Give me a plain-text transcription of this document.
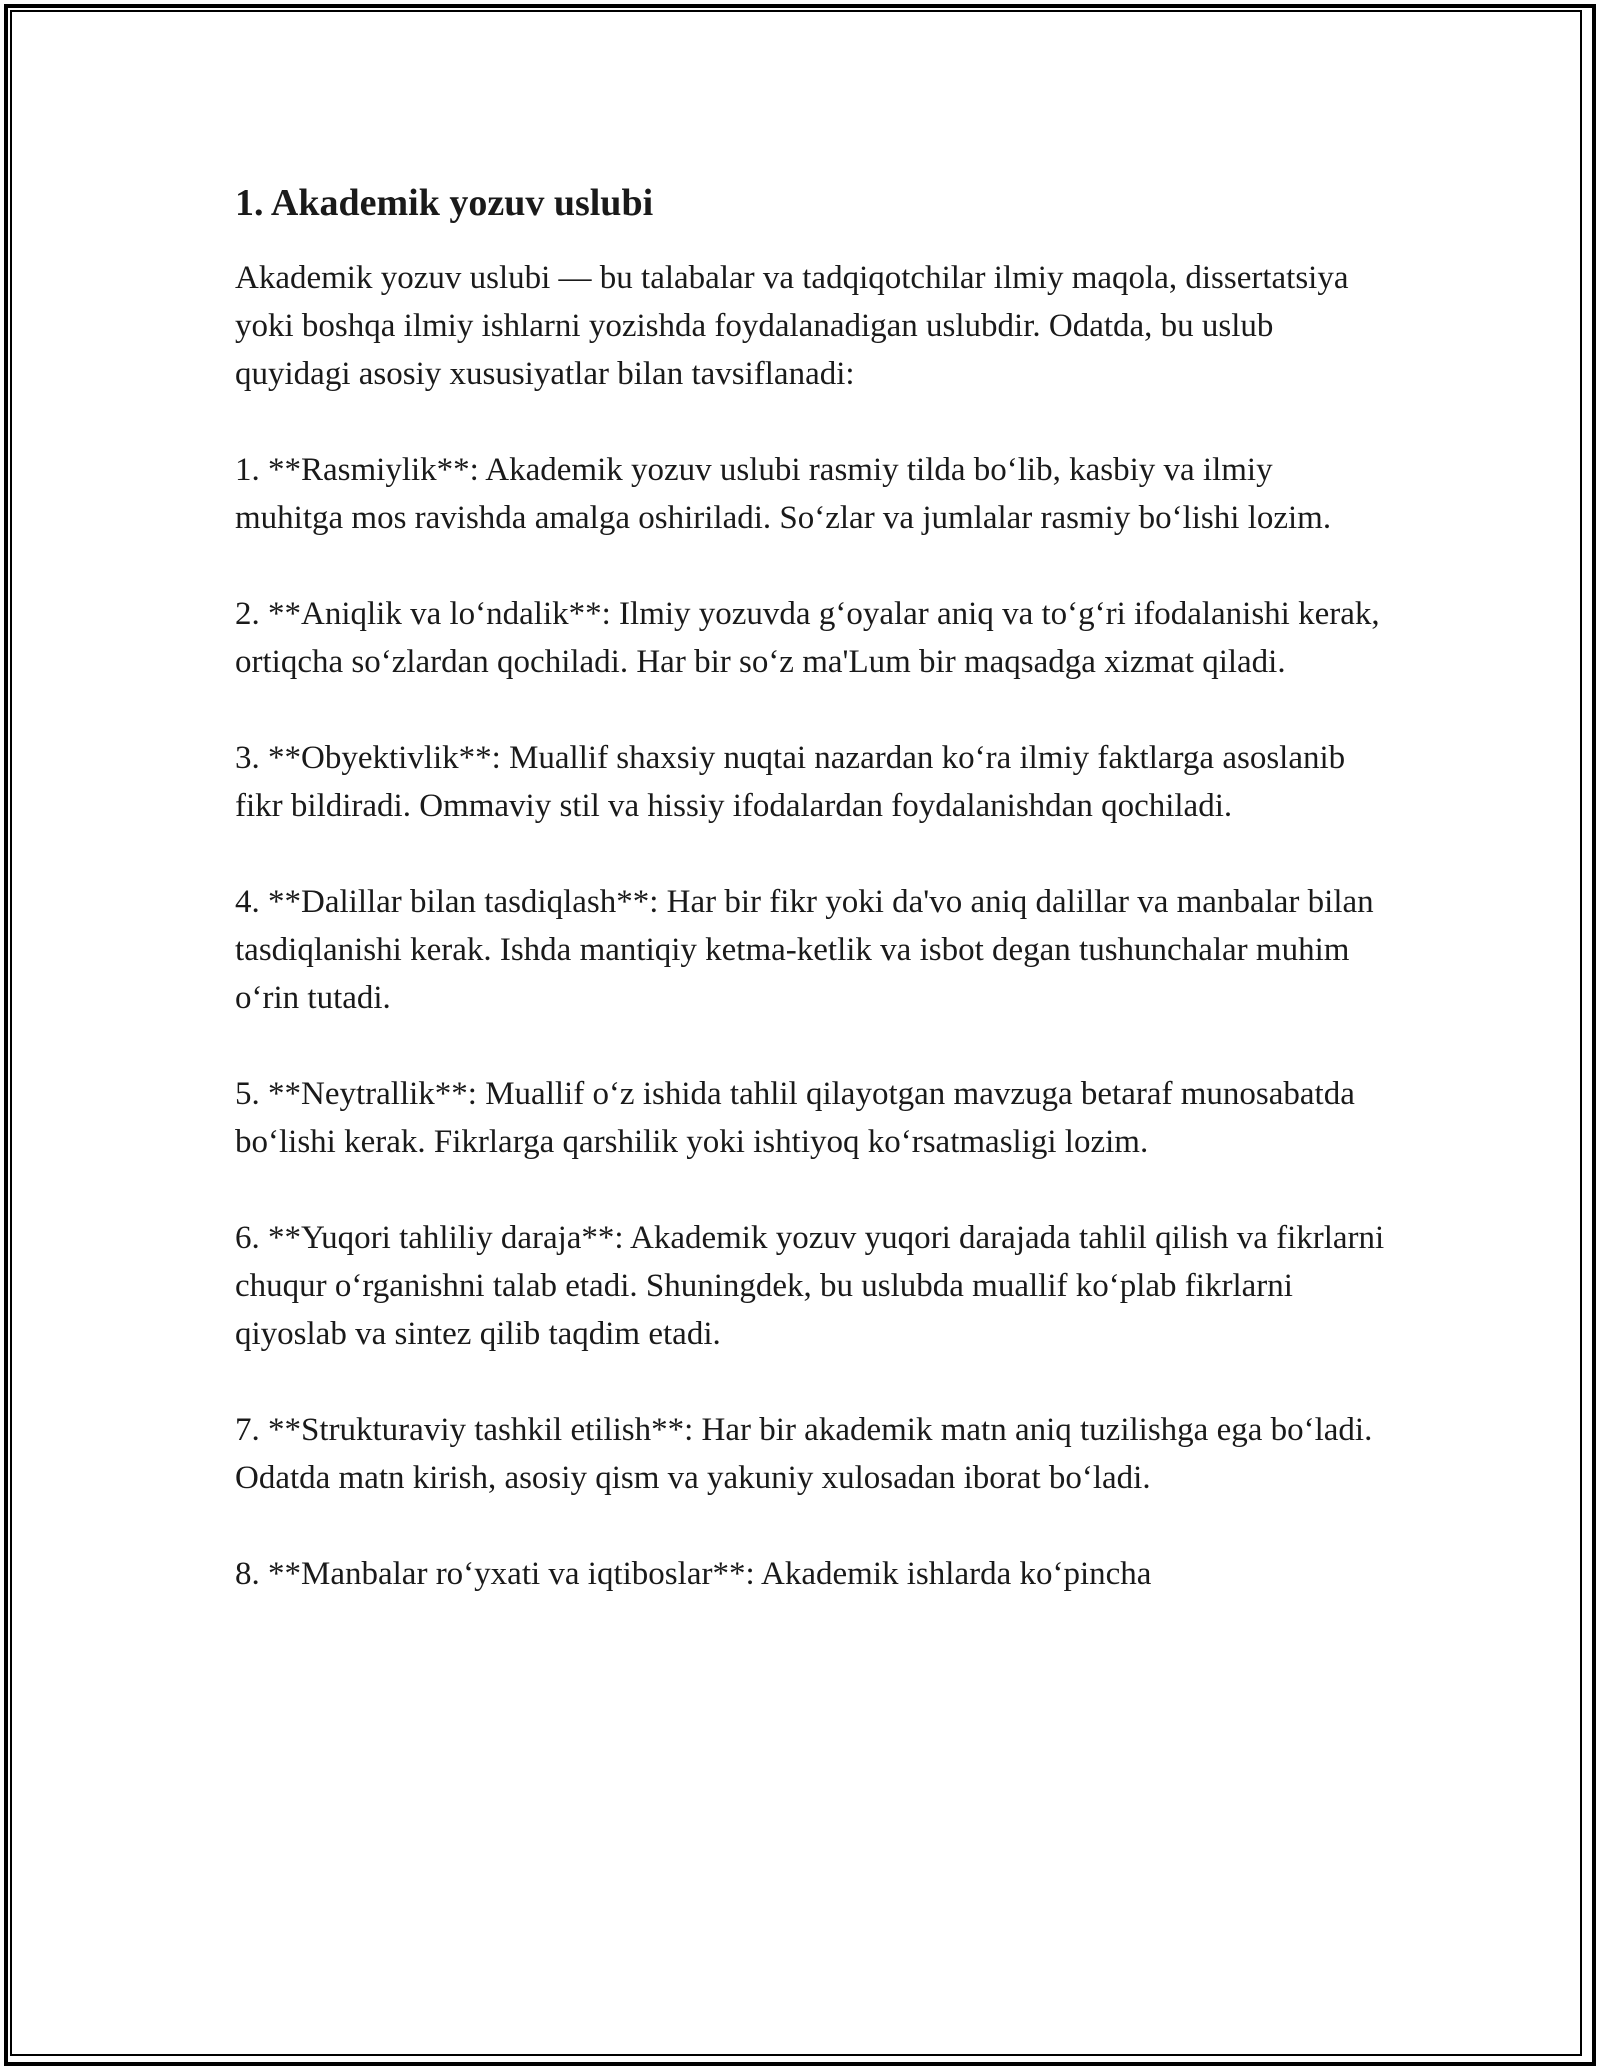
1. Akademik yozuv uslubi

Akademik yozuv uslubi — bu talabalar va tadqiqotchilar ilmiy maqola, dissertatsiya yoki boshqa ilmiy ishlarni yozishda foydalanadigan uslubdir. Odatda, bu uslub quyidagi asosiy xususiyatlar bilan tavsiflanadi:

1. **Rasmiylik**: Akademik yozuv uslubi rasmiy tilda bo‘lib, kasbiy va ilmiy muhitga mos ravishda amalga oshiriladi. So‘zlar va jumlalar rasmiy bo‘lishi lozim.

2. **Aniqlik va lo‘ndalik**: Ilmiy yozuvda g‘oyalar aniq va to‘g‘ri ifodalanishi kerak, ortiqcha so‘zlardan qochiladi. Har bir so‘z ma'Lum bir maqsadga xizmat qiladi.

3. **Obyektivlik**: Muallif shaxsiy nuqtai nazardan ko‘ra ilmiy faktlarga asoslanib fikr bildiradi. Ommaviy stil va hissiy ifodalardan foydalanishdan qochiladi.

4. **Dalillar bilan tasdiqlash**: Har bir fikr yoki da'vo aniq dalillar va manbalar bilan tasdiqlanishi kerak. Ishda mantiqiy ketma-ketlik va isbot degan tushunchalar muhim o‘rin tutadi.

5. **Neytrallik**: Muallif o‘z ishida tahlil qilayotgan mavzuga betaraf munosabatda bo‘lishi kerak. Fikrlarga qarshilik yoki ishtiyoq ko‘rsatmasligi lozim.

6. **Yuqori tahliliy daraja**: Akademik yozuv yuqori darajada tahlil qilish va fikrlarni chuqur o‘rganishni talab etadi. Shuningdek, bu uslubda muallif ko‘plab fikrlarni qiyoslab va sintez qilib taqdim etadi.

7. **Strukturaviy tashkil etilish**: Har bir akademik matn aniq tuzilishga ega bo‘ladi. Odatda matn kirish, asosiy qism va yakuniy xulosadan iborat bo‘ladi.

8. **Manbalar ro‘yxati va iqtiboslar**: Akademik ishlarda ko‘pincha
